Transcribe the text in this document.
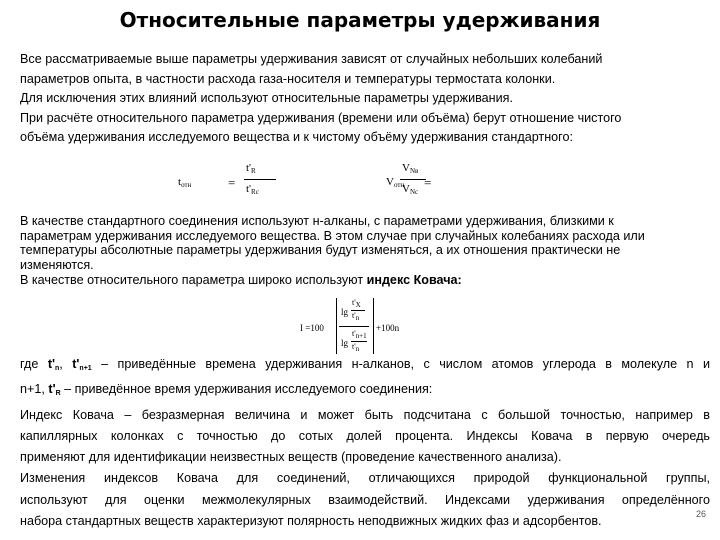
Относительные параметры удерживания
Все рассматриваемые выше параметры удерживания зависят от случайных небольших колебаний
параметров опыта, в частности расхода газа-носителя и температуры термостата колонки.
Для исключения этих влияний используют относительные параметры удерживания.
При расчёте относительного параметра удерживания (времени или объёма) берут отношение чистого
объёма удерживания исследуемого вещества и к чистому объёму удерживания стандартного:
$t_{отн}$	=
$t'_R$
$t'_{Rс}$
$V_{отн}$ =
$V_{Nв}$
$V_{Nс}$
В качестве стандартного соединения используют н-алканы, с параметрами удерживания, близкими к
параметрам удерживания исследуемого вещества. В этом случае при случайных колебаниях расхода или
температуры абсолютные параметры удерживания будут изменяться, а их отношения практически не
изменяются.
В качестве относительного параметра широко используют индекс Ковача:
I =100
lg
t'X
t'n
lg
t'n+1
t'n
+100n
где $t'_n$, $t'_{n+1}$ – приведённые времена удерживания н-алканов, с числом атомов углерода в молекуле n и
n+1, $t'_R$ – приведённое время удерживания исследуемого соединения:
Индекс Ковача – безразмерная величина и может быть подсчитана с большой точностью, например в
капиллярных колонках с точностью до сотых долей процента. Индексы Ковача в первую очередь
применяют для идентификации неизвестных веществ (проведение качественного анализа).
Изменения индексов Ковача для соединений, отличающихся природой функциональной группы,
используют для оценки межмолекулярных взаимодействий. Индексами удерживания определённого
набора стандартных веществ характеризуют полярность неподвижных жидких фаз и адсорбентов.
26
